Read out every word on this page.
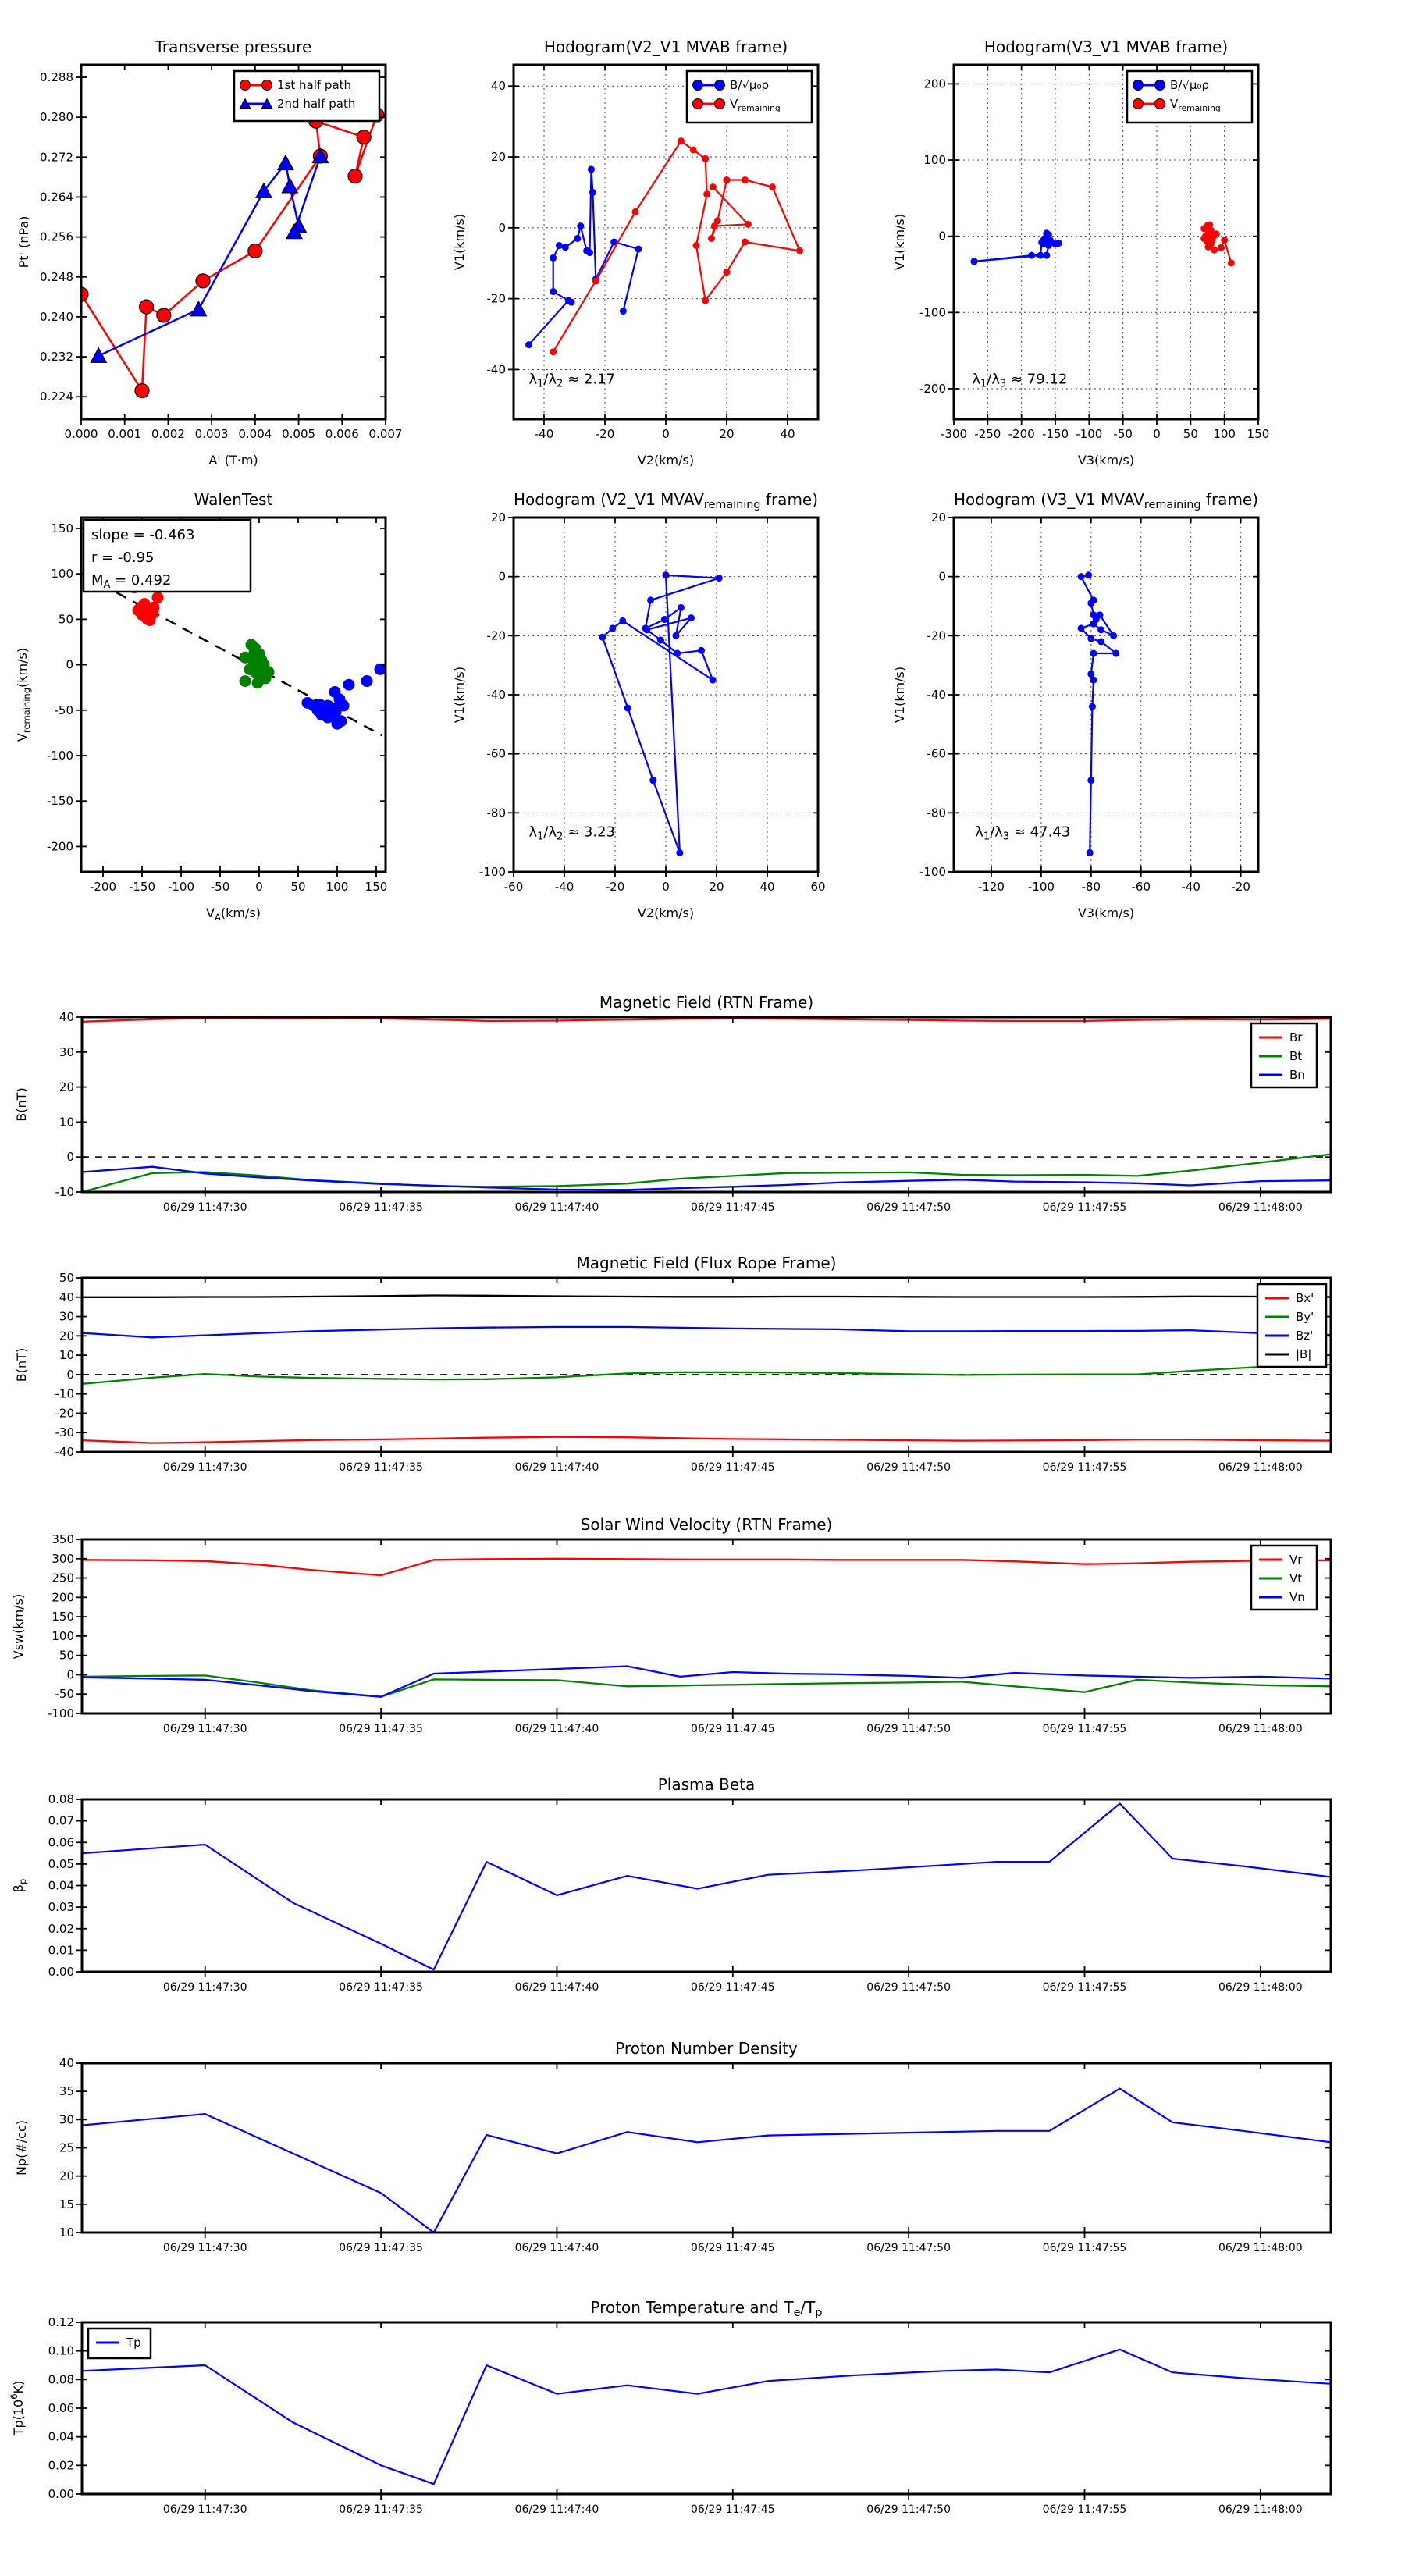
0.000 0.001 0.002 0.003 0.004 0.005 0.006 0.007
0.224
0.232
0.240
0.248
0.256
0.264
0.272
0.280
0.288
Transverse pressure
A' (T·m)
Pt' (nPa)
1st half path
2nd half path
-40	-20	0	20	40
-40
-20
0
20
40
Hodogram(V2_V1 MVAB frame)
V2(km/s)
V1(km/s)
$\lambda_1/\lambda_2 \approx 2.17$
B/√μ₀ρ
$V_{remaining}$
-300 -250 -200 -150 -100 -50 0 50 100 150
-200
-100
0
100
200
Hodogram(V3_V1 MVAB frame)
V3(km/s)
V1(km/s)
$\lambda_1/\lambda_3 \approx 79.12$
B/√μ₀ρ
$V_{remaining}$
-200 -150 -100 -50 0 50 100 150
-200
-150
-100
-50
0
50
100
150
WalenTest
$V_A(km/s)$
$V_{remaining}(km/s)$
slope = -0.463
r = -0.95
$M_A = 0.492$
-60	-40	-20	0	20	40	60
-100
-80
-60
-40
-20
0
20
Hodogram (V2_V1 $MVAV_{remaining}$ frame)
V2(km/s)
V1(km/s)
$\lambda_1/\lambda_2 \approx 3.23$
-120 -100 -80	-60	-40	-20
-100
-80
-60
-40
-20
0
20
Hodogram (V3_V1 $MVAV_{remaining}$ frame)
V3(km/s)
V1(km/s)
$\lambda_1/\lambda_3 \approx 47.43$
06/29 11:47:30	06/29 11:47:35	06/29 11:47:40	06/29 11:47:45	06/29 11:47:50	06/29 11:47:55	06/29 11:48:00
-10
0
10
20
30
40
Magnetic Field (RTN Frame)
B(nT)
Br
Bt
Bn
06/29 11:47:30	06/29 11:47:35	06/29 11:47:40	06/29 11:47:45	06/29 11:47:50	06/29 11:47:55	06/29 11:48:00
-40
-30
-20
-10
0
10
20
30
40
50
Magnetic Field (Flux Rope Frame)
B(nT)
Bx'
By'
Bz'
|B|
06/29 11:47:30	06/29 11:47:35	06/29 11:47:40	06/29 11:47:45	06/29 11:47:50	06/29 11:47:55	06/29 11:48:00
-100
-50
0
50
100
150
200
250
300
350
Solar Wind Velocity (RTN Frame)
Vsw(km/s)
Vr
Vt
Vn
06/29 11:47:30	06/29 11:47:35	06/29 11:47:40	06/29 11:47:45	06/29 11:47:50	06/29 11:47:55	06/29 11:48:00
0.00
0.01
0.02
0.03
0.04
0.05
0.06
0.07
0.08
Plasma Beta
$\beta_p$
06/29 11:47:30	06/29 11:47:35	06/29 11:47:40	06/29 11:47:45	06/29 11:47:50	06/29 11:47:55	06/29 11:48:00
10
15
20
25
30
35
40
Proton Number Density
Np(#/cc)
06/29 11:47:30	06/29 11:47:35	06/29 11:47:40	06/29 11:47:45	06/29 11:47:50	06/29 11:47:55	06/29 11:48:00
0.00
0.02
0.04
0.06
0.08
0.10
0.12
Proton Temperature and $T_e/T_p$
$Tp(10^6K)$
Tp
